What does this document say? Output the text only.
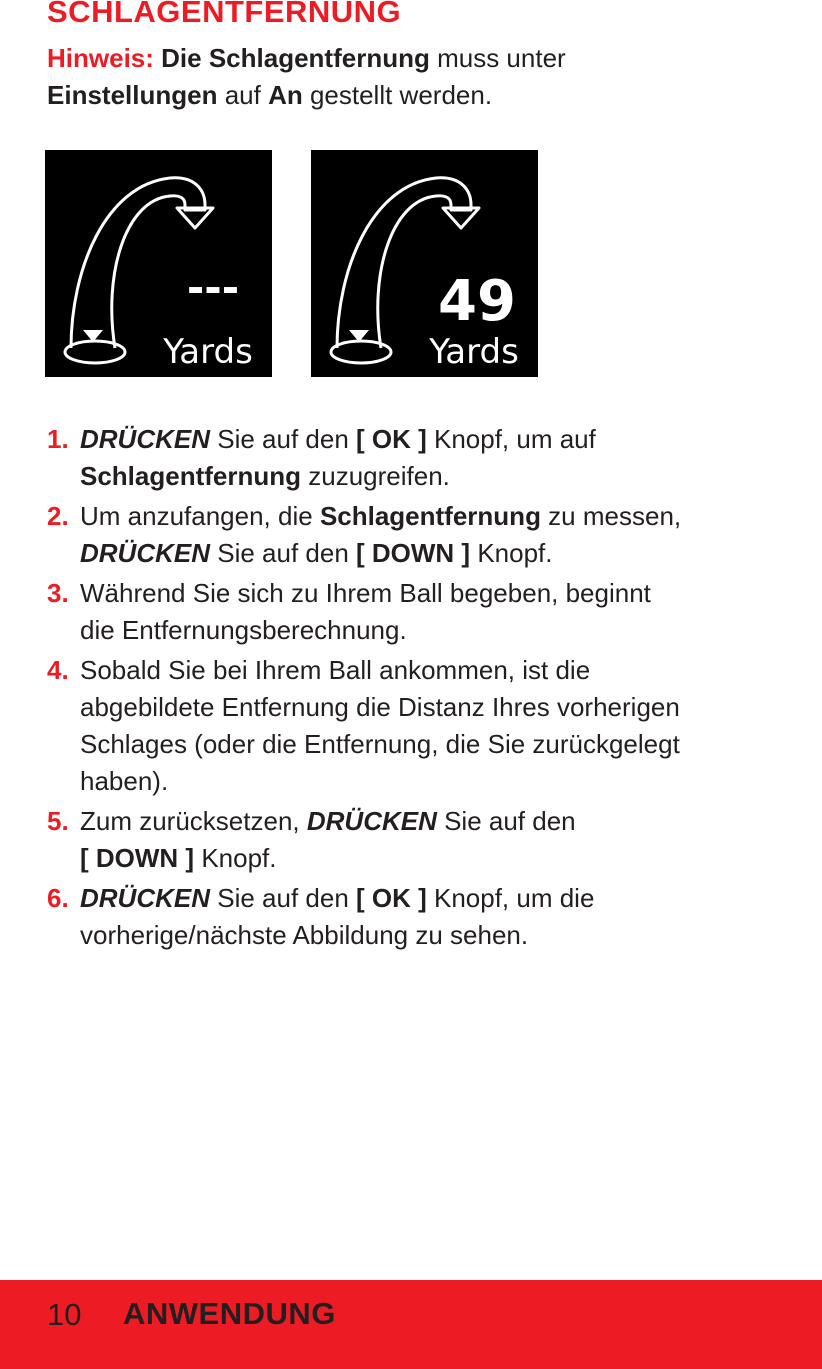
SCHLAGENTFERNUNG
Hinweis: Die Schlagentfernung muss unter
Einstellungen auf An gestellt werden.
---
Yards
49
Yards
1. DRÜCKEN Sie auf den [ OK ] Knopf, um auf
Schlagentfernung zuzugreifen.
2. Um anzufangen, die Schlagentfernung zu messen,
DRÜCKEN Sie auf den [ DOWN ] Knopf.
3. Während Sie sich zu Ihrem Ball begeben, beginnt
die Entfernungsberechnung.
4. Sobald Sie bei Ihrem Ball ankommen, ist die
abgebildete Entfernung die Distanz Ihres vorherigen
Schlages (oder die Entfernung, die Sie zurückgelegt
haben).
5. Zum zurücksetzen, DRÜCKEN Sie auf den
[ DOWN ] Knopf.
6. DRÜCKEN Sie auf den [ OK ] Knopf, um die
vorherige/nächste Abbildung zu sehen.
10 ANWENDUNG
